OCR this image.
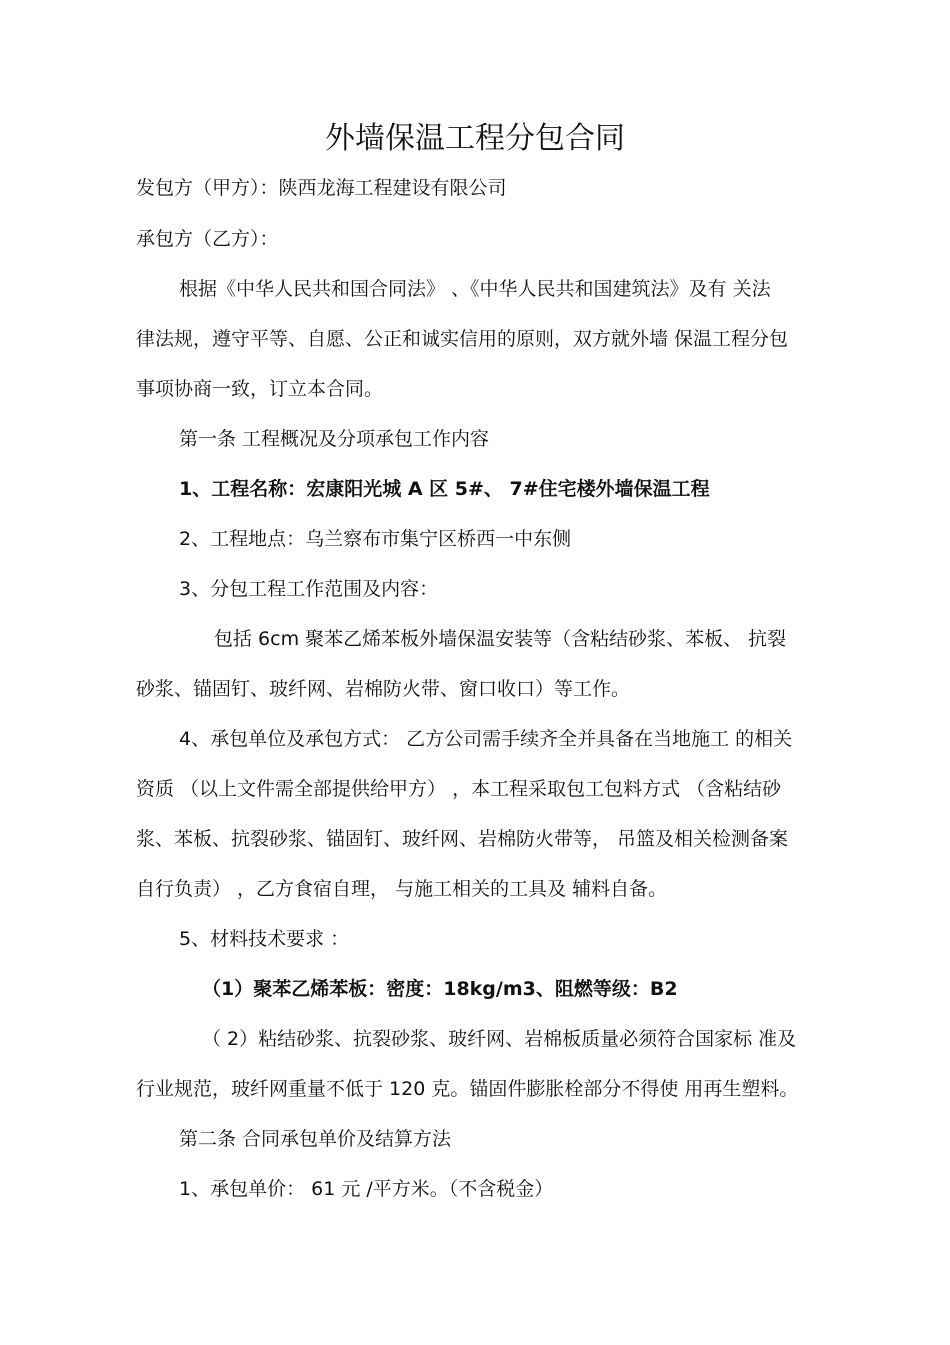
外墙保温工程分包合同

发包方（甲方）：陕西龙海工程建设有限公司

承包方（乙方）：

根据《中华人民共和国合同法》 、《中华人民共和国建筑法》及有 关法

律法规，遵守平等、自愿、公正和诚实信用的原则，双方就外墙 保温工程分包

事项协商一致，订立本合同。

第一条 工程概况及分项承包工作内容

1、工程名称：宏康阳光城 A 区 5#、 7#住宅楼外墙保温工程

2、工程地点：乌兰察布市集宁区桥西一中东侧

3、分包工程工作范围及内容：

包括 6cm 聚苯乙烯苯板外墙保温安装等（含粘结砂浆、苯板、 抗裂

砂浆、锚固钉、玻纤网、岩棉防火带、窗口收口）等工作。

4、承包单位及承包方式： 乙方公司需手续齐全并具备在当地施工 的相关

资质 （以上文件需全部提供给甲方） ，本工程采取包工包料方式 （含粘结砂

浆、苯板、抗裂砂浆、锚固钉、玻纤网、岩棉防火带等， 吊篮及相关检测备案

自行负责） ，乙方食宿自理， 与施工相关的工具及 辅料自备。

5、材料技术要求 ：

（1）聚苯乙烯苯板：密度：18kg/m3、阻燃等级：B2

（ 2）粘结砂浆、抗裂砂浆、玻纤网、岩棉板质量必须符合国家标 准及

行业规范，玻纤网重量不低于 120 克。锚固件膨胀栓部分不得使 用再生塑料。

第二条 合同承包单价及结算方法

1、承包单价： 61 元 /平方米。（不含税金）
